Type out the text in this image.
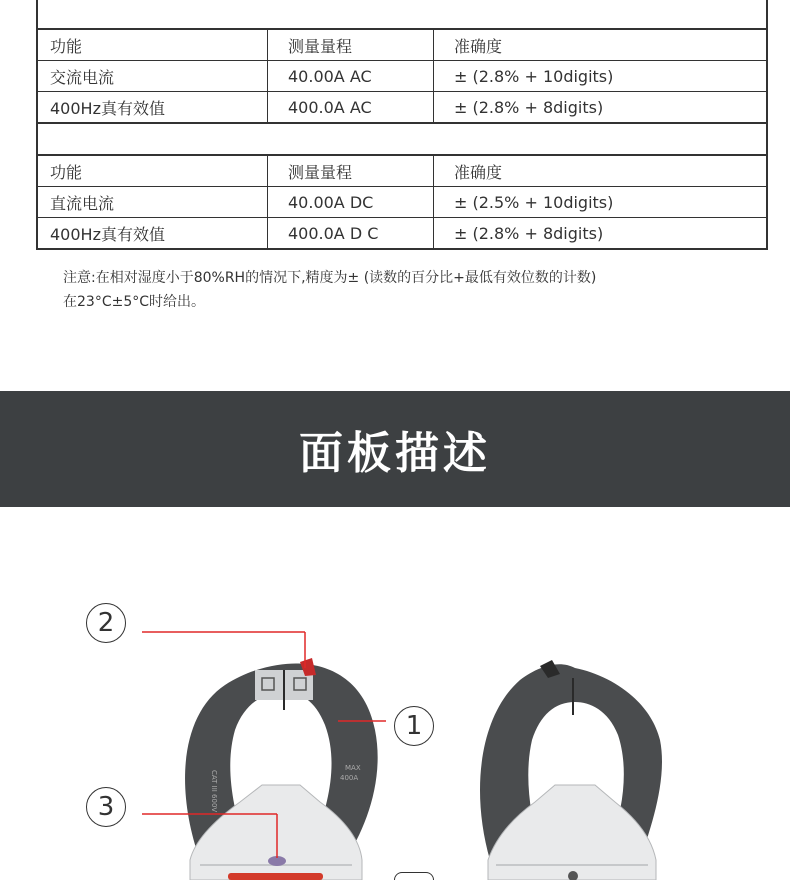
功能	测量量程	准确度
交流电流	40.00A AC	± (2.8% + 10digits)
400Hz真有效值	400.0A AC	± (2.8% + 8digits)
功能	测量量程	准确度
直流电流	40.00A DC	± (2.5% + 10digits)
400Hz真有效值	400.0A D C	± (2.8% + 8digits)
注意:在相对湿度小于80%RH的情况下,精度为± (读数的百分比+最低有效位数的计数)
在23°C±5°C时给出。
面板描述
CAT III 600V
MAX
400A
2
1
3
